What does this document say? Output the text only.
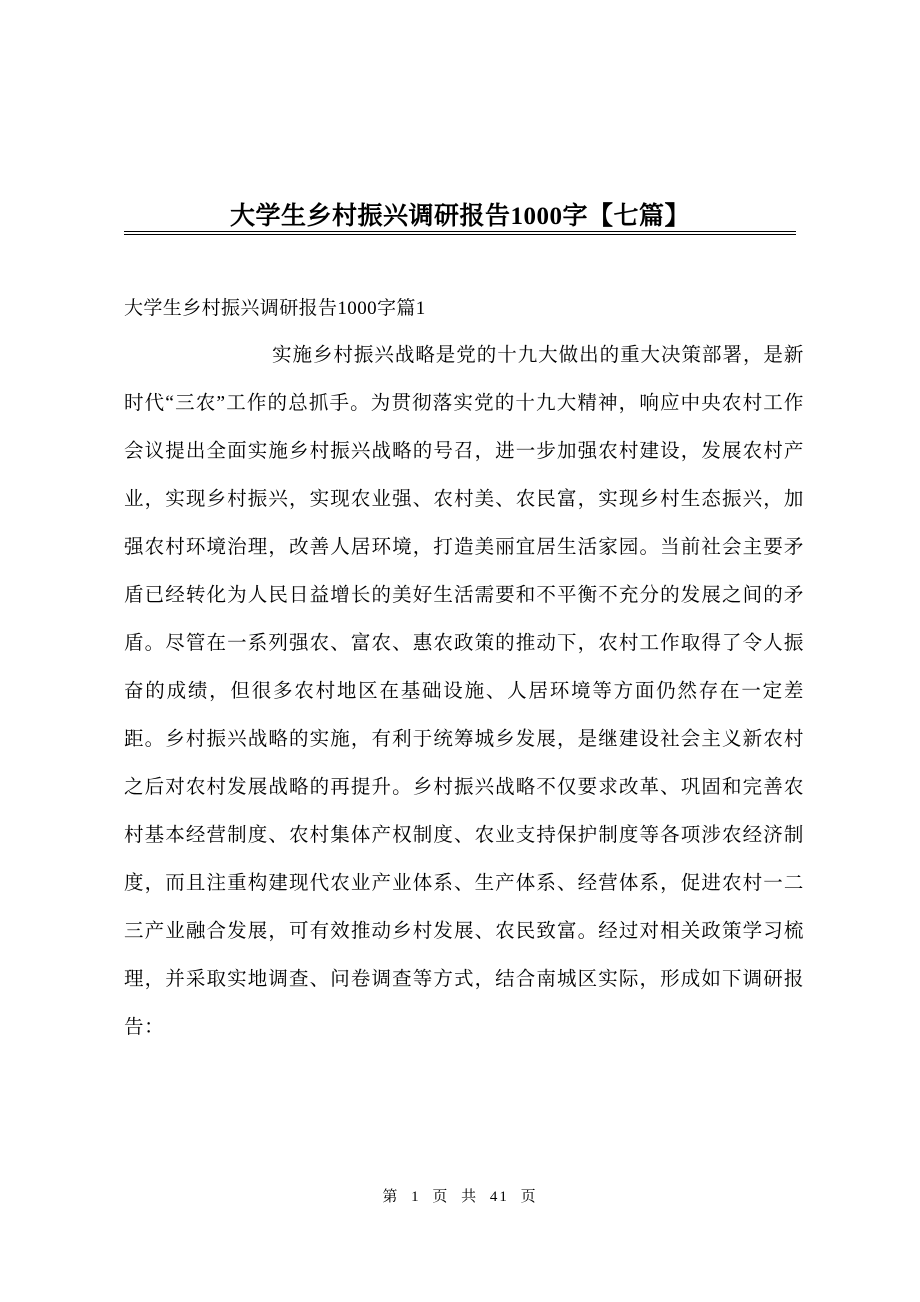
大学生乡村振兴调研报告1000字【七篇】
大学生乡村振兴调研报告1000字篇1

实施乡村振兴战略是党的十九大做出的重大决策部署，是新时代“三农”工作的总抓手。为贯彻落实党的十九大精神，响应中央农村工作会议提出全面实施乡村振兴战略的号召，进一步加强农村建设，发展农村产业，实现乡村振兴，实现农业强、农村美、农民富，实现乡村生态振兴，加强农村环境治理，改善人居环境，打造美丽宜居生活家园。当前社会主要矛盾已经转化为人民日益增长的美好生活需要和不平衡不充分的发展之间的矛盾。尽管在一系列强农、富农、惠农政策的推动下，农村工作取得了令人振奋的成绩，但很多农村地区在基础设施、人居环境等方面仍然存在一定差距。乡村振兴战略的实施，有利于统筹城乡发展，是继建设社会主义新农村之后对农村发展战略的再提升。乡村振兴战略不仅要求改革、巩固和完善农村基本经营制度、农村集体产权制度、农业支持保护制度等各项涉农经济制度，而且注重构建现代农业产业体系、生产体系、经营体系，促进农村一二三产业融合发展，可有效推动乡村发展、农民致富。经过对相关政策学习梳理，并采取实地调查、问卷调查等方式，结合南城区实际，形成如下调研报告：

第 1 页 共 41 页
